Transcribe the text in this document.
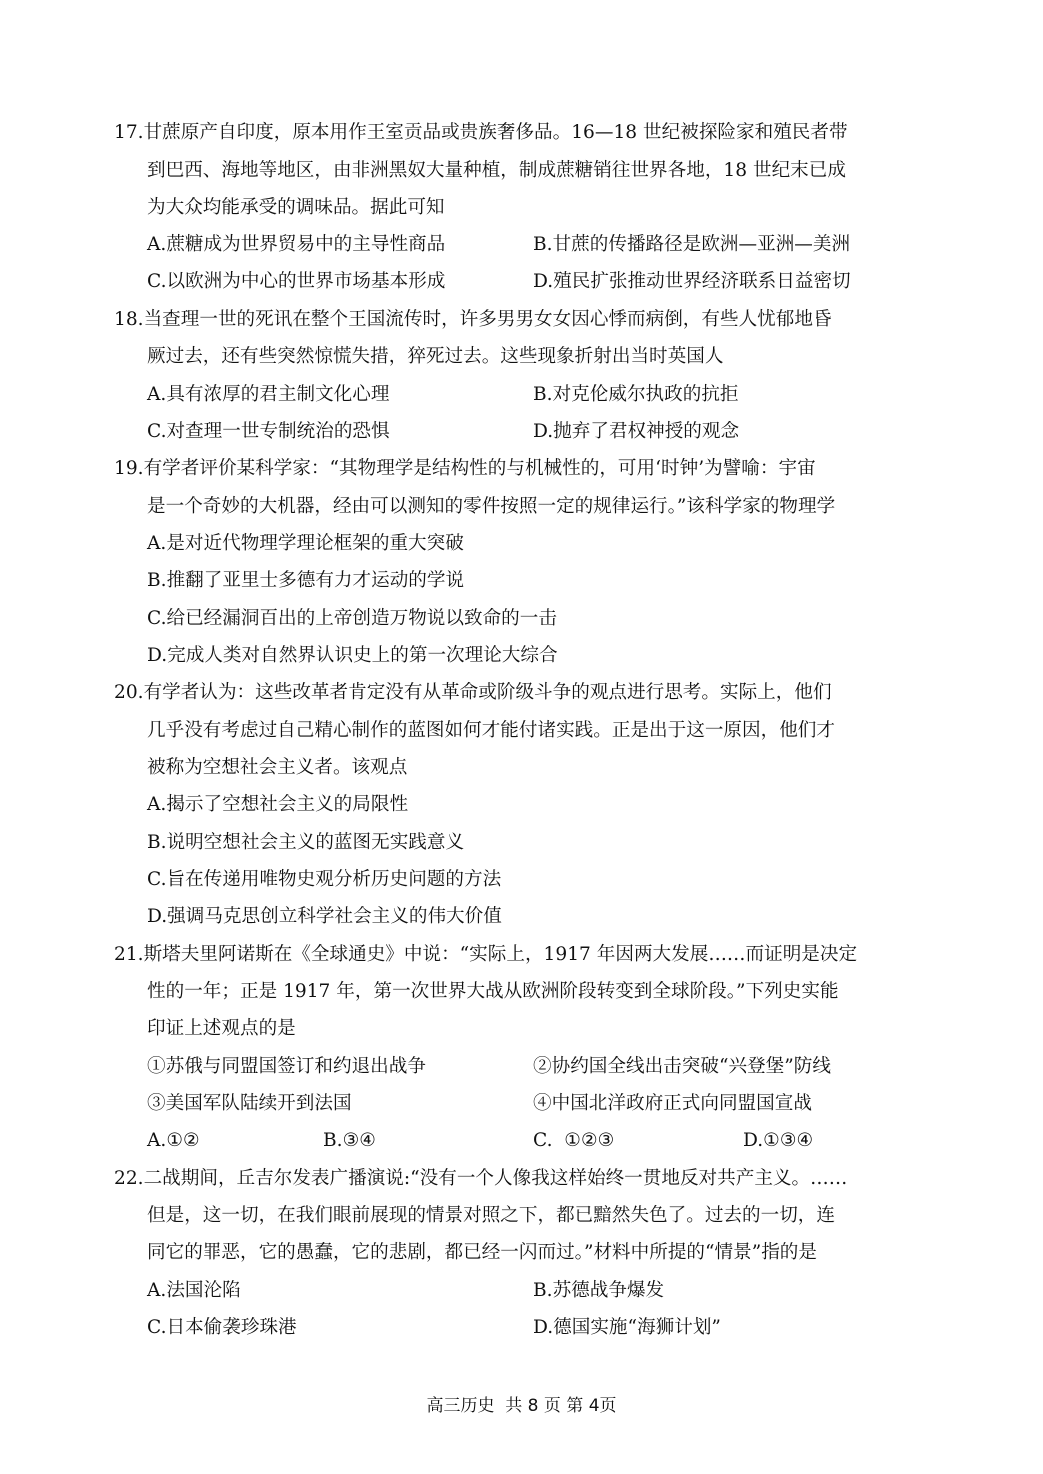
17.甘蔗原产自印度，原本用作王室贡品或贵族奢侈品。16—18 世纪被探险家和殖民者带
到巴西、海地等地区，由非洲黑奴大量种植，制成蔗糖销往世界各地，18 世纪末已成
为大众均能承受的调味品。据此可知
A.蔗糖成为世界贸易中的主导性商品	B.甘蔗的传播路径是欧洲—亚洲—美洲
C.以欧洲为中心的世界市场基本形成	D.殖民扩张推动世界经济联系日益密切
18.当查理一世的死讯在整个王国流传时，许多男男女女因心悸而病倒，有些人忧郁地昏
厥过去，还有些突然惊慌失措，猝死过去。这些现象折射出当时英国人
A.具有浓厚的君主制文化心理	B.对克伦威尔执政的抗拒
C.对查理一世专制统治的恐惧	D.抛弃了君权神授的观念
19.有学者评价某科学家：“其物理学是结构性的与机械性的，可用‘时钟’为譬喻：宇宙
是一个奇妙的大机器，经由可以测知的零件按照一定的规律运行。”该科学家的物理学
A.是对近代物理学理论框架的重大突破
B.推翻了亚里士多德有力才运动的学说
C.给已经漏洞百出的上帝创造万物说以致命的一击
D.完成人类对自然界认识史上的第一次理论大综合
20.有学者认为：这些改革者肯定没有从革命或阶级斗争的观点进行思考。实际上，他们
几乎没有考虑过自己精心制作的蓝图如何才能付诸实践。正是出于这一原因，他们才
被称为空想社会主义者。该观点
A.揭示了空想社会主义的局限性
B.说明空想社会主义的蓝图无实践意义
C.旨在传递用唯物史观分析历史问题的方法
D.强调马克思创立科学社会主义的伟大价值
21.斯塔夫里阿诺斯在《全球通史》中说：“实际上，1917 年因两大发展……而证明是决定
性的一年；正是 1917 年，第一次世界大战从欧洲阶段转变到全球阶段。”下列史实能
印证上述观点的是
①苏俄与同盟国签订和约退出战争	②协约国全线出击突破“兴登堡”防线
③美国军队陆续开到法国	④中国北洋政府正式向同盟国宣战
A.①②	B.③④	C.  ①②③	D.①③④
22.二战期间，丘吉尔发表广播演说:“没有一个人像我这样始终一贯地反对共产主义。……
但是，这一切，在我们眼前展现的情景对照之下，都已黯然失色了。过去的一切，连
同它的罪恶，它的愚蠢，它的悲剧，都已经一闪而过。”材料中所提的“情景”指的是
A.法国沦陷	B.苏德战争爆发
C.日本偷袭珍珠港	D.德国实施“海狮计划”
高三历史  共 8 页 第 4页
